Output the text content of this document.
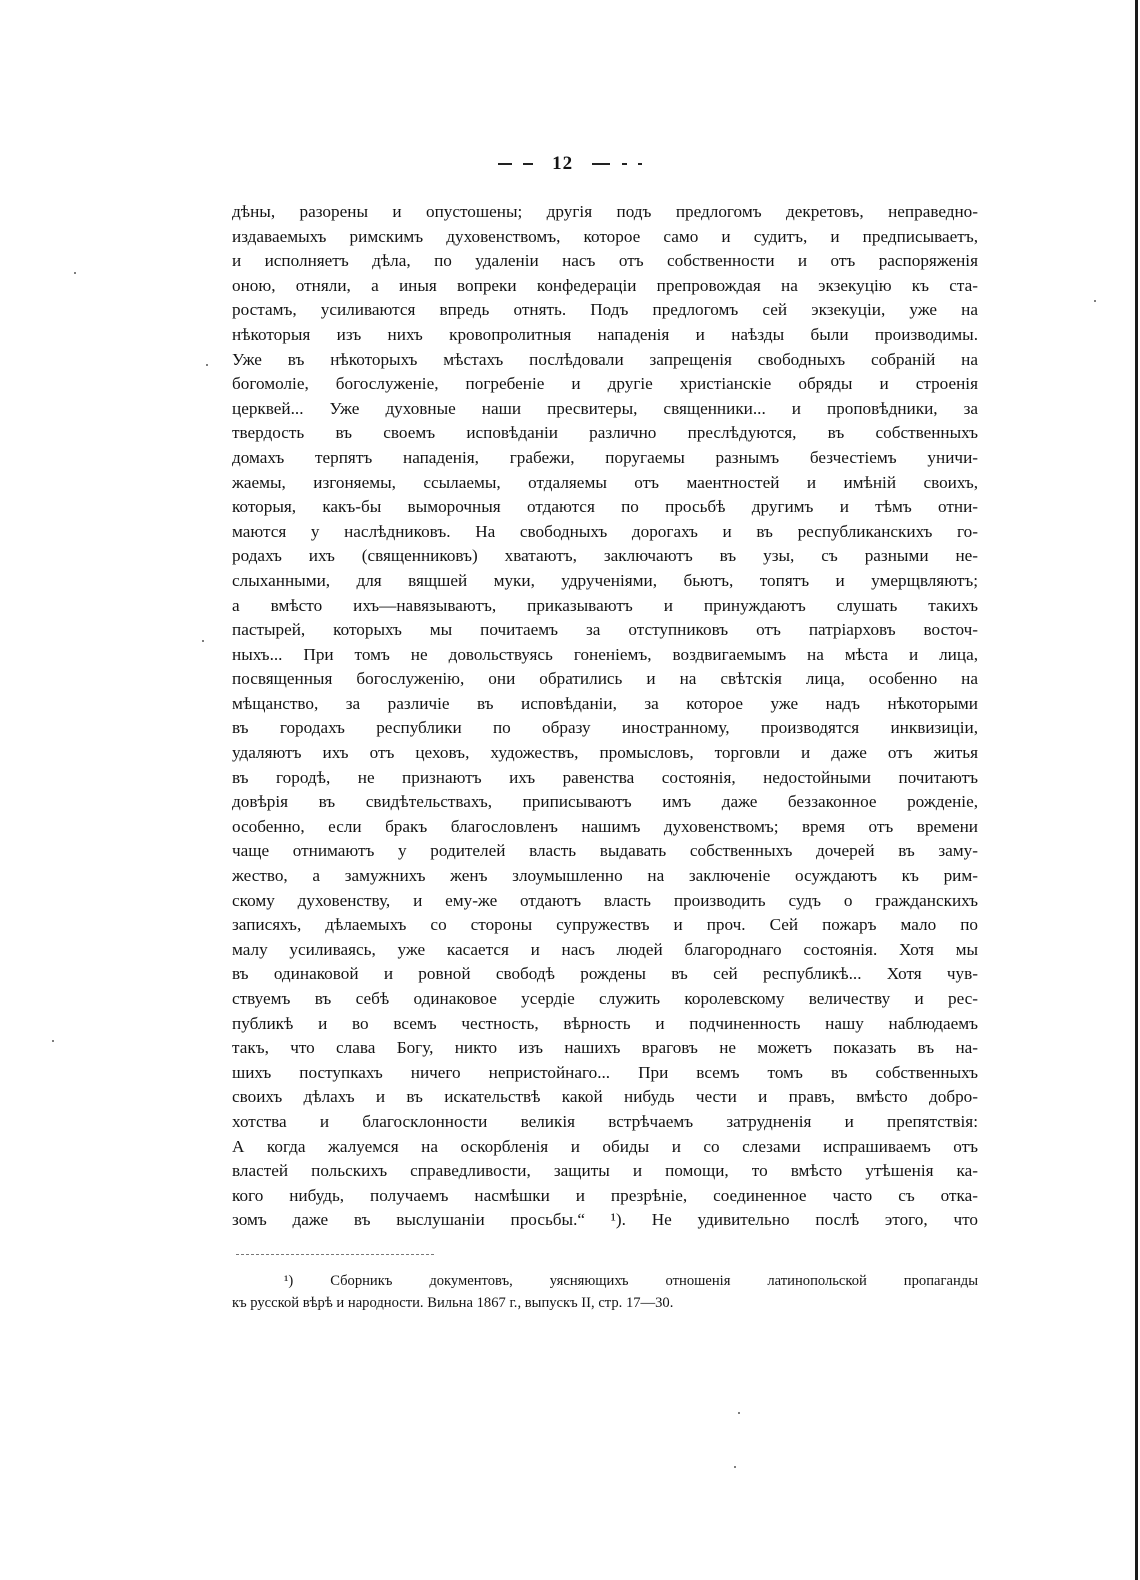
12
дѣны, разорены и опустошены; другія подъ предлогомъ декретовъ, неправедно-
издаваемыхъ римскимъ духовенствомъ, которое само и судитъ, и предписываетъ,
и исполняетъ дѣла, по удаленіи насъ отъ собственности и отъ распоряженія
оною, отняли, а иныя вопреки конфедераціи препровождая на экзекуцію къ ста-
ростамъ, усиливаются впредь отнять. Подъ предлогомъ сей экзекуціи, уже на
нѣкоторыя изъ нихъ кровопролитныя нападенія и наѣзды были производимы.
Уже въ нѣкоторыхъ мѣстахъ послѣдовали запрещенія свободныхъ собраній на
богомоліе, богослуженіе, погребеніе и другіе христіанскіе обряды и строенія
церквей... Уже духовные наши пресвитеры, священники... и проповѣдники, за
твердость въ своемъ исповѣданіи различно преслѣдуются, въ собственныхъ
домахъ терпятъ нападенія, грабежи, поругаемы разнымъ безчестіемъ уничи-
жаемы, изгоняемы, ссылаемы, отдаляемы отъ маентностей и имѣній своихъ,
которыя, какъ-бы выморочныя отдаются по просьбѣ другимъ и тѣмъ отни-
маются у наслѣдниковъ. На свободныхъ дорогахъ и въ республиканскихъ го-
родахъ ихъ (священниковъ) хватаютъ, заключаютъ въ узы, съ разными не-
слыханными, для вящшей муки, удрученіями, бьютъ, топятъ и умерщвляютъ;
а вмѣсто ихъ—навязываютъ, приказываютъ и принуждаютъ слушать такихъ
пастырей, которыхъ мы почитаемъ за отступниковъ отъ патріарховъ восточ-
ныхъ... При томъ не довольствуясь гоненіемъ, воздвигаемымъ на мѣста и лица,
посвященныя богослуженію, они обратились и на свѣтскія лица, особенно на
мѣщанство, за различіе въ исповѣданіи, за которое уже надъ нѣкоторыми
въ городахъ республики по образу иностранному, производятся инквизиціи,
удаляютъ ихъ отъ цеховъ, художествъ, промысловъ, торговли и даже отъ житья
въ городѣ, не признаютъ ихъ равенства состоянія, недостойными почитаютъ
довѣрія въ свидѣтельствахъ, приписываютъ имъ даже беззаконное рожденіе,
особенно, если бракъ благословленъ нашимъ духовенствомъ; время отъ времени
чаще отнимаютъ у родителей власть выдавать собственныхъ дочерей въ заму-
жество, а замужнихъ женъ злоумышленно на заключеніе осуждаютъ къ рим-
скому духовенству, и ему-же отдаютъ власть производить судъ о гражданскихъ
записяхъ, дѣлаемыхъ со стороны супружествъ и проч. Сей пожаръ мало по
малу усиливаясь, уже касается и насъ людей благороднаго состоянія. Хотя мы
въ одинаковой и ровной свободѣ рождены въ сей республикѣ... Хотя чув-
ствуемъ въ себѣ одинаковое усердіе служить королевскому величеству и рес-
публикѣ и во всемъ честность, вѣрность и подчиненность нашу наблюдаемъ
такъ, что слава Богу, никто изъ нашихъ враговъ не можетъ показать въ на-
шихъ поступкахъ ничего непристойнаго... При всемъ томъ въ собственныхъ
своихъ дѣлахъ и въ искательствѣ какой нибудь чести и правъ, вмѣсто добро-
хотства и благосклонности великія встрѣчаемъ затрудненія и препятствія:
А когда жалуемся на оскорбленія и обиды и со слезами испрашиваемъ отъ
властей польскихъ справедливости, защиты и помощи, то вмѣсто утѣшенія ка-
кого нибудь, получаемъ насмѣшки и презрѣніе, соединенное часто съ отка-
зомъ даже въ выслушаніи просьбы.“ ¹). Не удивительно послѣ этого, что
¹) Сборникъ документовъ, уясняющихъ отношенія латинопольской пропаганды
къ русской вѣрѣ и народности. Вильна 1867 г., выпускъ II, стр. 17—30.
